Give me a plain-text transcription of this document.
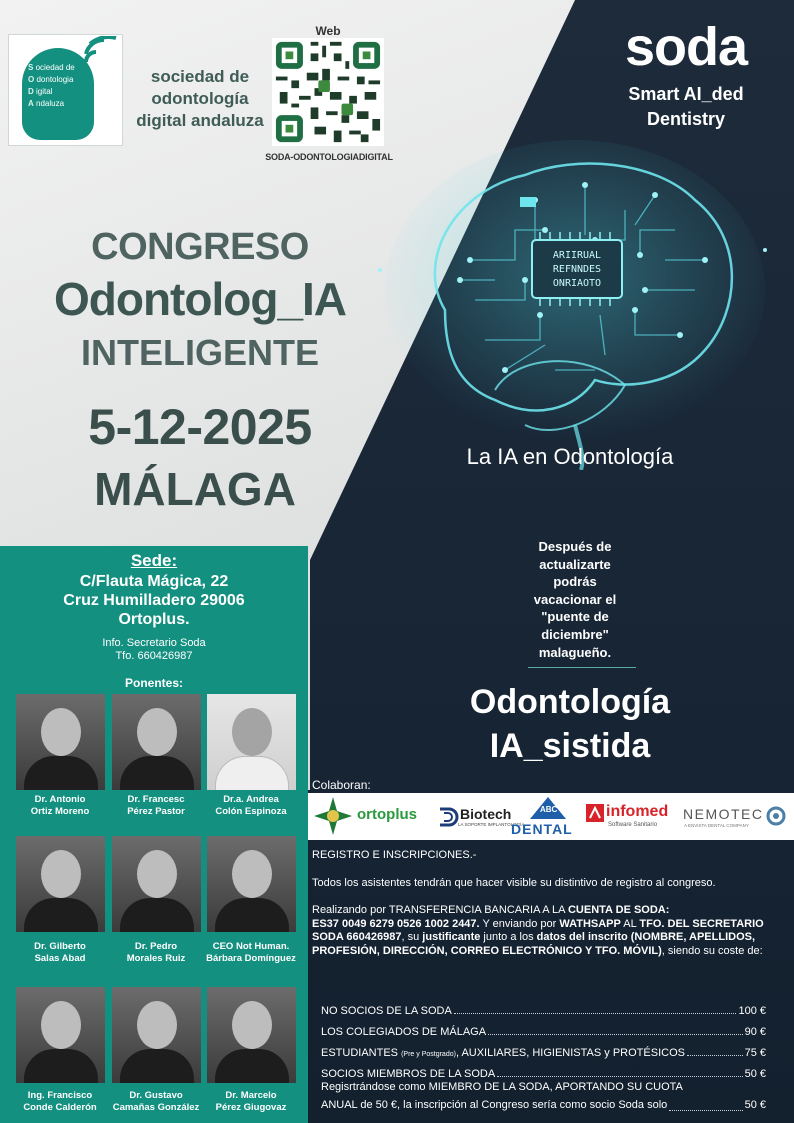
S ociedad de
O dontologia
D igital
A ndaluza
sociedad de
odontología
digital andaluza
Web
SODA-ODONTOLOGIADIGITAL
soda
Smart AI_ded
Dentistry
ARIIRUAL
REFNNDES
ONRIAOTO
La IA en Odontología
CONGRESO
Odontolog_IA
INTELIGENTE
5-12-2025
MÁLAGA
Después de
actualizarte
podrás
vacacionar el
"puente de
diciembre"
malagueño.
Odontología
IA_sistida
Sede:
C/Flauta Mágica, 22
Cruz Humilladero 29006
Ortoplus.
Info. Secretario Soda
Tfo. 660426987
Ponentes:
Dr. Antonio
Ortiz Moreno
Dr. Francesc
Pérez Pastor
Dr.a. Andrea
Colón Espinoza
Dr. Gilberto
Salas Abad
Dr. Pedro
Morales Ruiz
CEO Not Human.
Bárbara Domínguez
Ing. Francisco
Conde Calderón
Dr. Gustavo
Camañas González
Dr. Marcelo
Pérez Giugovaz
Colaboran:
ortoplus	Biotech
LA SOPORTE IMPLANTOLOGÍA
ABC
DENTAL
infomed
Software Sanitario
NEMOTEC
A ENVISTA DENTAL COMPANY

REGISTRO E INSCRIPCIONES.-

Todos los asistentes tendrán que hacer visible su distintivo de registro al congreso.

Realizando por TRANSFERENCIA BANCARIA A LA CUENTA DE SODA:
ES37 0049 6279 0526 1002 2447. Y enviando por WATHSAPP AL TFO. DEL SECRETARIO SODA 660426987, su justificante junto a los datos del inscrito (NOMBRE, APELLIDOS, PROFESIÓN, DIRECCIÓN, CORREO ELECTRÓNICO Y TFO. MÓVIL), siendo su coste de:

NO SOCIOS DE LA SODA	100 €
LOS COLEGIADOS DE MÁLAGA	90 €
ESTUDIANTES (Pre y Postgrado), AUXILIARES, HIGIENISTAS y PROTÉSICOS	75 €
SOCIOS MIEMBROS DE LA SODA	50 €
Regisrtrándose como MIEMBRO DE LA SODA, APORTANDO SU CUOTA
ANUAL de 50 €, la inscripción al Congreso sería como socio Soda solo	50 €
